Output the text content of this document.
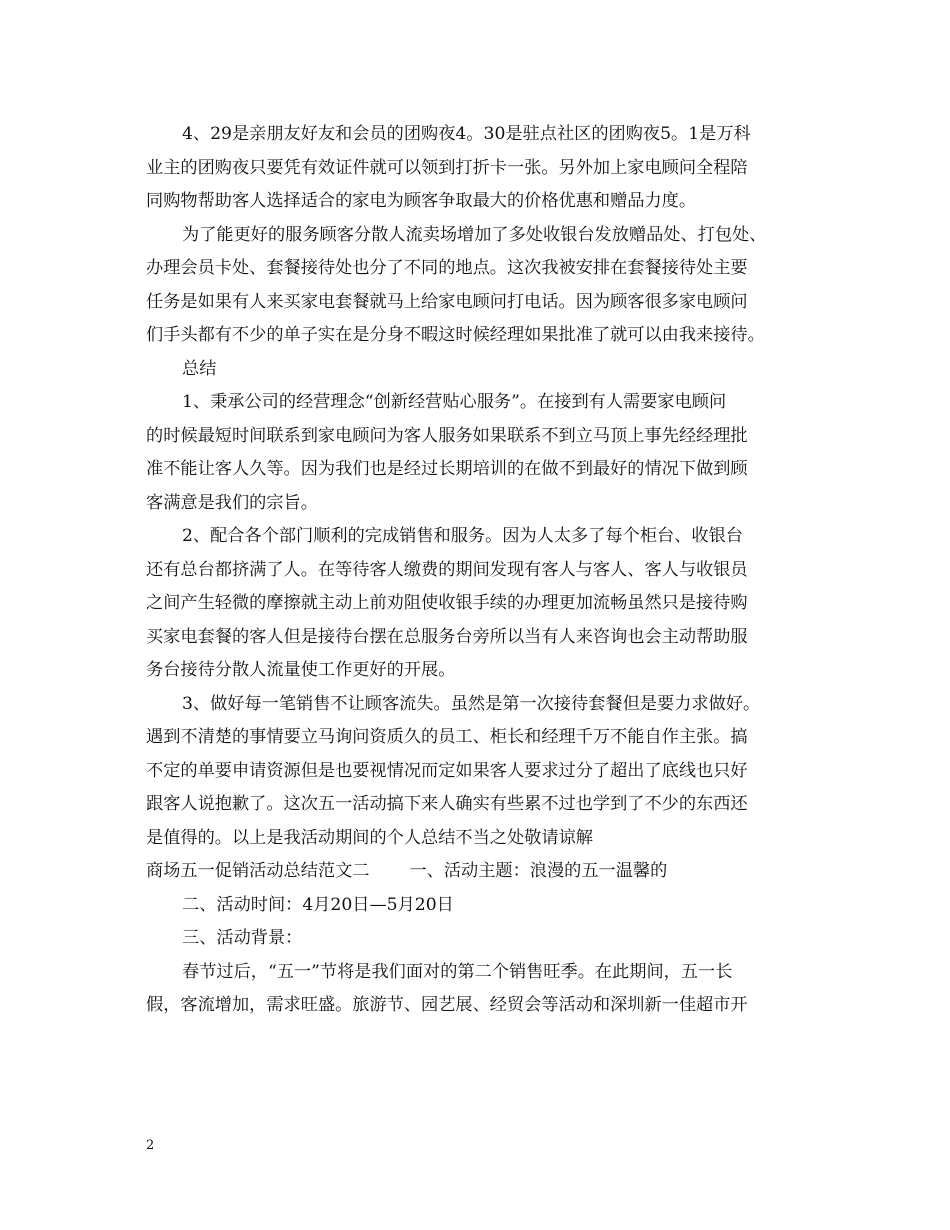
4、29是亲朋友好友和会员的团购夜4。30是驻点社区的团购夜5。1是万科
业主的团购夜只要凭有效证件就可以领到打折卡一张。另外加上家电顾问全程陪
同购物帮助客人选择适合的家电为顾客争取最大的价格优惠和赠品力度。
为了能更好的服务顾客分散人流卖场增加了多处收银台发放赠品处、打包处、
办理会员卡处、套餐接待处也分了不同的地点。这次我被安排在套餐接待处主要
任务是如果有人来买家电套餐就马上给家电顾问打电话。因为顾客很多家电顾问
们手头都有不少的单子实在是分身不暇这时候经理如果批准了就可以由我来接待。
总结
1、秉承公司的经营理念“创新经营贴心服务”。在接到有人需要家电顾问
的时候最短时间联系到家电顾问为客人服务如果联系不到立马顶上事先经经理批
准不能让客人久等。因为我们也是经过长期培训的在做不到最好的情况下做到顾
客满意是我们的宗旨。
2、配合各个部门顺利的完成销售和服务。因为人太多了每个柜台、收银台
还有总台都挤满了人。在等待客人缴费的期间发现有客人与客人、客人与收银员
之间产生轻微的摩擦就主动上前劝阻使收银手续的办理更加流畅虽然只是接待购
买家电套餐的客人但是接待台摆在总服务台旁所以当有人来咨询也会主动帮助服
务台接待分散人流量使工作更好的开展。
3、做好每一笔销售不让顾客流失。虽然是第一次接待套餐但是要力求做好。
遇到不清楚的事情要立马询问资质久的员工、柜长和经理千万不能自作主张。搞
不定的单要申请资源但是也要视情况而定如果客人要求过分了超出了底线也只好
跟客人说抱歉了。这次五一活动搞下来人确实有些累不过也学到了不少的东西还
是值得的。以上是我活动期间的个人总结不当之处敬请谅解
商场五一促销活动总结范文二 一、活动主题：浪漫的五一温馨的
二、活动时间：4月20日—5月20日
三、活动背景：
春节过后，“五一”节将是我们面对的第二个销售旺季。在此期间，五一长
假，客流增加，需求旺盛。旅游节、园艺展、经贸会等活动和深圳新一佳超市开
2
